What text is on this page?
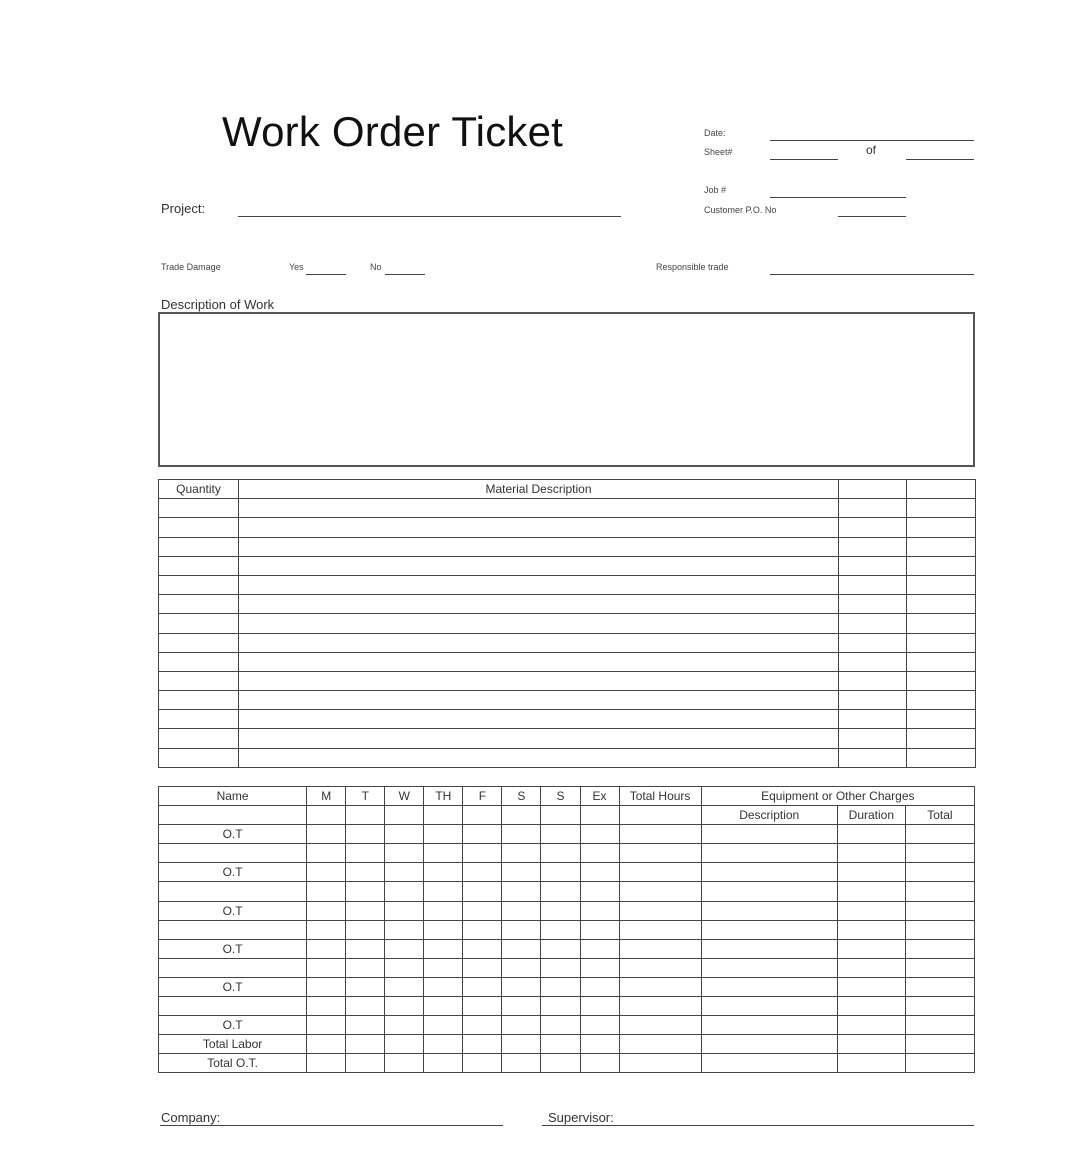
Work Order Ticket	Date:
Sheet#	of
Job #
Customer P.O. No
Project:
Trade Damage	Yes	No	Responsible trade
Description of Work
Quantity	Material Description		

Name	M	T	W	TH	F	S	S	Ex	Total Hours	Equipment or Other Charges		
										Description	Duration	Total
O.T												

O.T												

O.T												

O.T												

O.T												

O.T												
Total Labor												
Total O.T.												
Company:	Supervisor:
